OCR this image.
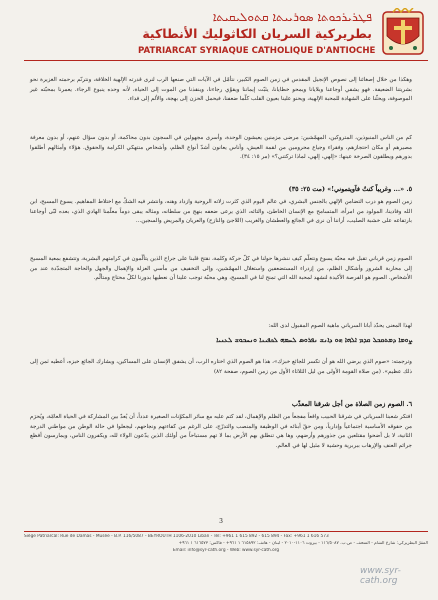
ܦܛܪܝܪܟܘܬܐ ܣܘܪܝܝܬܐ ܩܬܘܠܝܩܝܬܐ
بطريركية السريان الكاثوليك الأنطاكية
PATRIARCAT SYRIAQUE CATHOLIQUE D'ANTIOCHE

وهكذا من خلال إصغائنا إلى نصوص الإنجيل المقدس في زمن الصوم الكبير، نتأمّل في الآيات التي صنعها الرب لنرى قدرته الإلهية الخلاقة، ونترنّم برحمته الغزيرة نحو بشريتنا الضعيفة. فهو يشفي أوجاعنا وبلايانا ويمحو خطايانا، يثبّت إيماننا ويقوّي رجاءنا، وينقذنا من الموت إلى الحياة، لأنه وحده ينبوع الرجاء. يعمرنا بمحبّته غير الموصوفة، ويحثّنا على الشهادة للمحبة الإلهية، ويحنو علينا بعيون القلب كلّما ضعفنا، فيحمل الحزن إلى بهجة، والألم إلى فداء.

كم من الناس المنبوذين، المتروكين، المهمّشين: مرضى مزمنين يعيشون الوحدة، وأسرى مجهولين في السجون بدون محاكمة، أو بدون سؤال عنهم، أو بدون معرفة مصيرهم أو مكان احتجازهم، وفقراء وجياع محرومين من لقمة العيش، وأناس يعانون أشدّ أنواع الظلم، وأشخاص منتهكي الكرامة والحقوق. هؤلاء وأمثالهم أطلقوا بدورهم ويطلقون الصرخة عينها: «إلهي، إلهي، لماذا تركتني؟» (مر ١٥: ٣٤).

٥. «... وغريباً كنتُ فآويتموني!» (مت ٢٥: ٣٥)

زمن الصوم هو درب التضامن الإلهي بالجنس البشري، في عالم اليوم الذي كثرت زلاته الروحية وازداد وهنه، وانتشر فيه الشكّ مع اختلاط المفاهيم. يسوع المسيح، ابن الله وفادينا، المولود من امرأة، المتسامح مع الإنسان الخاطئ، والتائه، الذي يرعى ضعفه بنهج من سلطانه، ومثاله يبقى دوماً معلّمنا الهادي الذي، بعده لبّى أوجاعنا بارتفاعه على خشبة الصليب، أراننا أن نرى في الجائع والعطشان والغريب (اللاجئ والنازح) والعريان والمريض والسجين...

الصوم زمن قرباني تقبل فيه محبّة يسوع ونتعلّم كيف ننشرها حولنا في كلّ حركة وكلمة، نقتح قلبنا على جراح الذين يتألّمون في كرامتهم البشرية، وتتشفع بمعية المسيح إلى محاربة الشرور وأشكال الظلم، من إزدراء المستضعفين واستغلال المهمّشين، وإلى التخفيف من مأسي العزلة والإهمال والجهل والحاجة المتجدّدة عند من الأشخاص. الصوم هو الفرصة الأكيدة لنشهد لمحبة الله التي تمنح لنا في المسيح، وهي محبّة توجب علينا أن نعطيها بدورنا لكلّ محتاج ومتألّم.

لهذا المعنى يحدّد أبانا السرياني ماهية الصوم المقبول لدى الله:

ܨܘܡܐ ܕܡܬܩܒܠ ܩܕܡ ܐܠܗܐ ܗܘ ܕܐܢܫ ܢܦܪܘܣ ܠܚܡܗ ܠܟܦܝܢܐ ܘܢܚܒܘܫ ܠܥܢܝܐ

وترجمته: «صوم الذي يرضي الله هو أن تكسر للجائع خبزك»، هذا هو الصوم الذي اختاره الرب، أن يشفق الإنسان على المساكين، ويشارك الجائع خبزه، أعطيه ثمن إلى ذلك عظيم». (من صلاة القومة الأولى من ليل الثلاثاء الأول من زمن الصوم، صفحة ٨٢)

٦. الصوم زمن الصلاة من أجل شرقنا المعذّب

افتكر شعبنا السرياني في شرقنا الحبيب واقعاً مفجعاً من الظلم والإهمال، لقد كتم عليه مع سائر المكوّنات الصغيرة عدداً، أن يُعدّ بين المشاركة في الحياة العامّة، ويُحرَم من حقوقه الأساسية اجتماعياً وإدارياً، ومن حقّ أبنائه في الوظيفة والمنصب والتدرّج، على الرغم من كفاءتهم ونجاحهم، ليجعلوا في حالة الوطن من مواطني الدرجة الثانية، لا بل أضحوا مقتلعين من جذورهم وأرضهم، وها هي تنطلق بهم الأرض بما لا تهم مستباحاً من أولئك الذين يدّعون الولاء لله، ويكفرون الناس، ويمارسون أفظع جرائم العنف والإرهاب ببربرية وحشية لا مثيل لها في العالم.

3
Siège Patriarcal: Rue de Damas - Musée - B.P. 116/5087 - BEYROUTH 1106-2010 Liban - Tél: +961 1 615 892 - 615 894 - Fax: +961 1 616 573
المقرّ البطريركي: شارع الشام - المتحف - ص.ب. ١١٦/٥٠٨٧ - بيروت ١١٠٦-٢٠١٠ - لبنان - هاتف: ٦١٥٨٩٢ ١ ٩٦١+ - فاكس: ٦١٦٥٧٣ ١ ٩٦١+
Email: info@syr-cath.org - Web: www.syr-cath.org
www.syr-cath.org
